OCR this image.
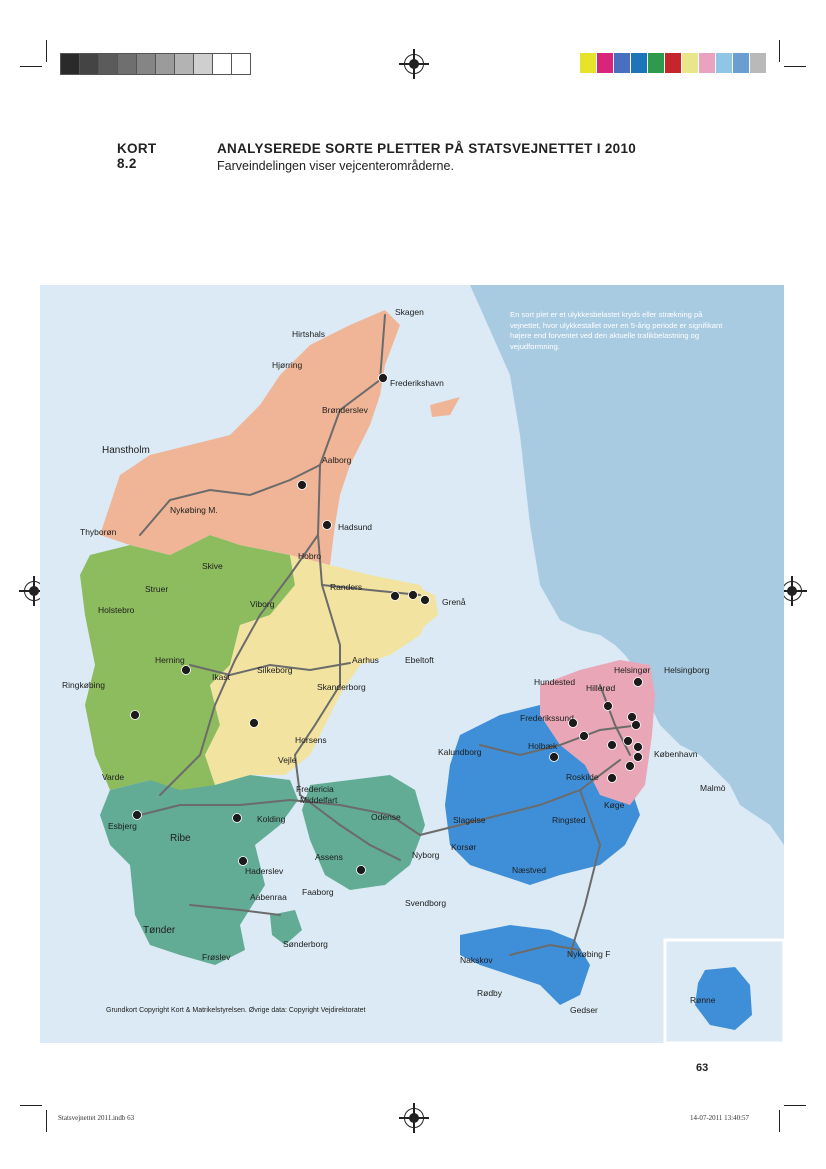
KORT 8.2
ANALYSEREDE SORTE PLETTER PÅ STATSVEJNETTET I 2010
Farveindelingen viser vejcenterområderne.
Skagen
Hirtshals
Hjørring
Frederikshavn
Brønderslev
Hanstholm
Aalborg
Nykøbing M.
Thyborøn	Hadsund
Hobro
Skive
Struer	Randers
Grenå
Holstebro
Viborg
Aarhus	Ebeltoft
Herning
Silkeborg
Ikast
Ringkøbing	Skanderborg
Horsens
Vejle
Varde
Fredericia
Middelfart
Esbjerg
Kolding	Odense
Ribe
Haderslev
Assens	Nyborg
Faaborg
Aabenraa
Svendborg
Tønder
Sønderborg
Frøslev
Helsingør Helsingborg
Hundested
Hillerød
Frederikssund
Holbæk
København
Kalundborg
Roskilde
Malmö
Køge
Slagelse	Ringsted
Korsør
Næstved
Nakskov
Nykøbing F
Rødby
Gedser
Rønne
En sort plet er et ulykkesbelastet kryds eller strækning på vejnettet, hvor ulykkestallet over en 5-årig periode er signifikant højere end forventet ved den aktuelle trafikbelastning og vejudformning.
Grundkort Copyright Kort & Matrikelstyrelsen. Øvrige data: Copyright Vejdirektoratet
63
Statsvejnettet 2011.indb 63	14-07-2011 13:40:57
